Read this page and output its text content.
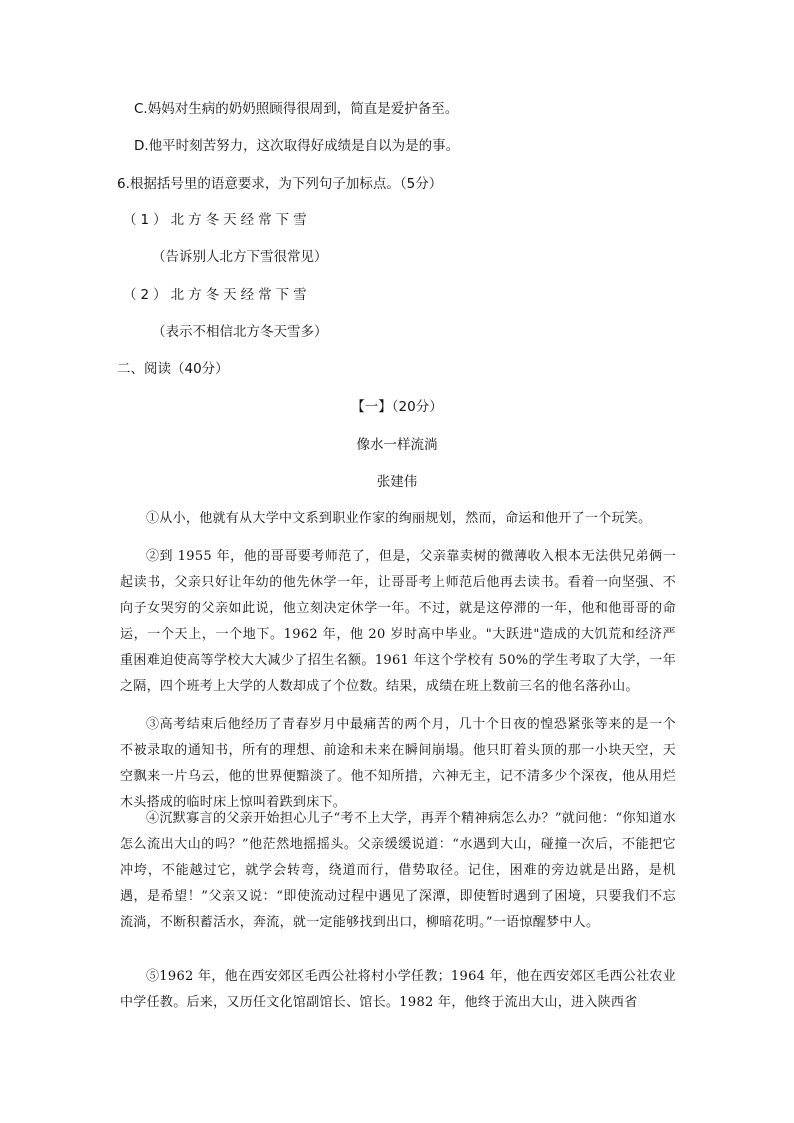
C.妈妈对生病的奶奶照顾得很周到，简直是爱护备至。
D.他平时刻苦努力，这次取得好成绩是自以为是的事。
6.根据括号里的语意要求，为下列句子加标点。（5分）
（1）北方冬天经常下雪
（告诉别人北方下雪很常见）
（2）北方冬天经常下雪
（表示不相信北方冬天雪多）
二、阅读（40分）
【一】（20分）
像水一样流淌
张建伟
①从小，他就有从大学中文系到职业作家的绚丽规划，然而，命运和他开了一个玩笑。
②到 1955 年，他的哥哥要考师范了，但是，父亲靠卖树的微薄收入根本无法供兄弟俩一起读书，父亲只好让年幼的他先休学一年，让哥哥考上师范后他再去读书。看着一向坚强、不向子女哭穷的父亲如此说，他立刻决定休学一年。不过，就是这停滞的一年，他和他哥哥的命运，一个天上，一个地下。1962 年，他 20 岁时高中毕业。"大跃进"造成的大饥荒和经济严重困难迫使高等学校大大减少了招生名额。1961 年这个学校有 50%的学生考取了大学，一年之隔，四个班考上大学的人数却成了个位数。结果，成绩在班上数前三名的他名落孙山。
③高考结束后他经历了青春岁月中最痛苦的两个月，几十个日夜的惶恐紧张等来的是一个不被录取的通知书，所有的理想、前途和未来在瞬间崩塌。他只盯着头顶的那一小块天空，天空飘来一片乌云，他的世界便黯淡了。他不知所措，六神无主，记不清多少个深夜，他从用烂木头搭成的临时床上惊叫着跌到床下。
④沉默寡言的父亲开始担心儿子“考不上大学，再弄个精神病怎么办？”就问他：“你知道水怎么流出大山的吗？”他茫然地摇摇头。父亲缓缓说道：“水遇到大山，碰撞一次后，不能把它冲垮，不能越过它，就学会转弯，绕道而行，借势取径。记住，困难的旁边就是出路，是机遇，是希望！”父亲又说：“即使流动过程中遇见了深潭，即使暂时遇到了困境，只要我们不忘流淌，不断积蓄活水，奔流，就一定能够找到出口，柳暗花明。”一语惊醒梦中人。
⑤1962 年，他在西安郊区毛西公社将村小学任教；1964 年，他在西安郊区毛西公社农业中学任教。后来，又历任文化馆副馆长、馆长。1982 年，他终于流出大山，进入陕西省
